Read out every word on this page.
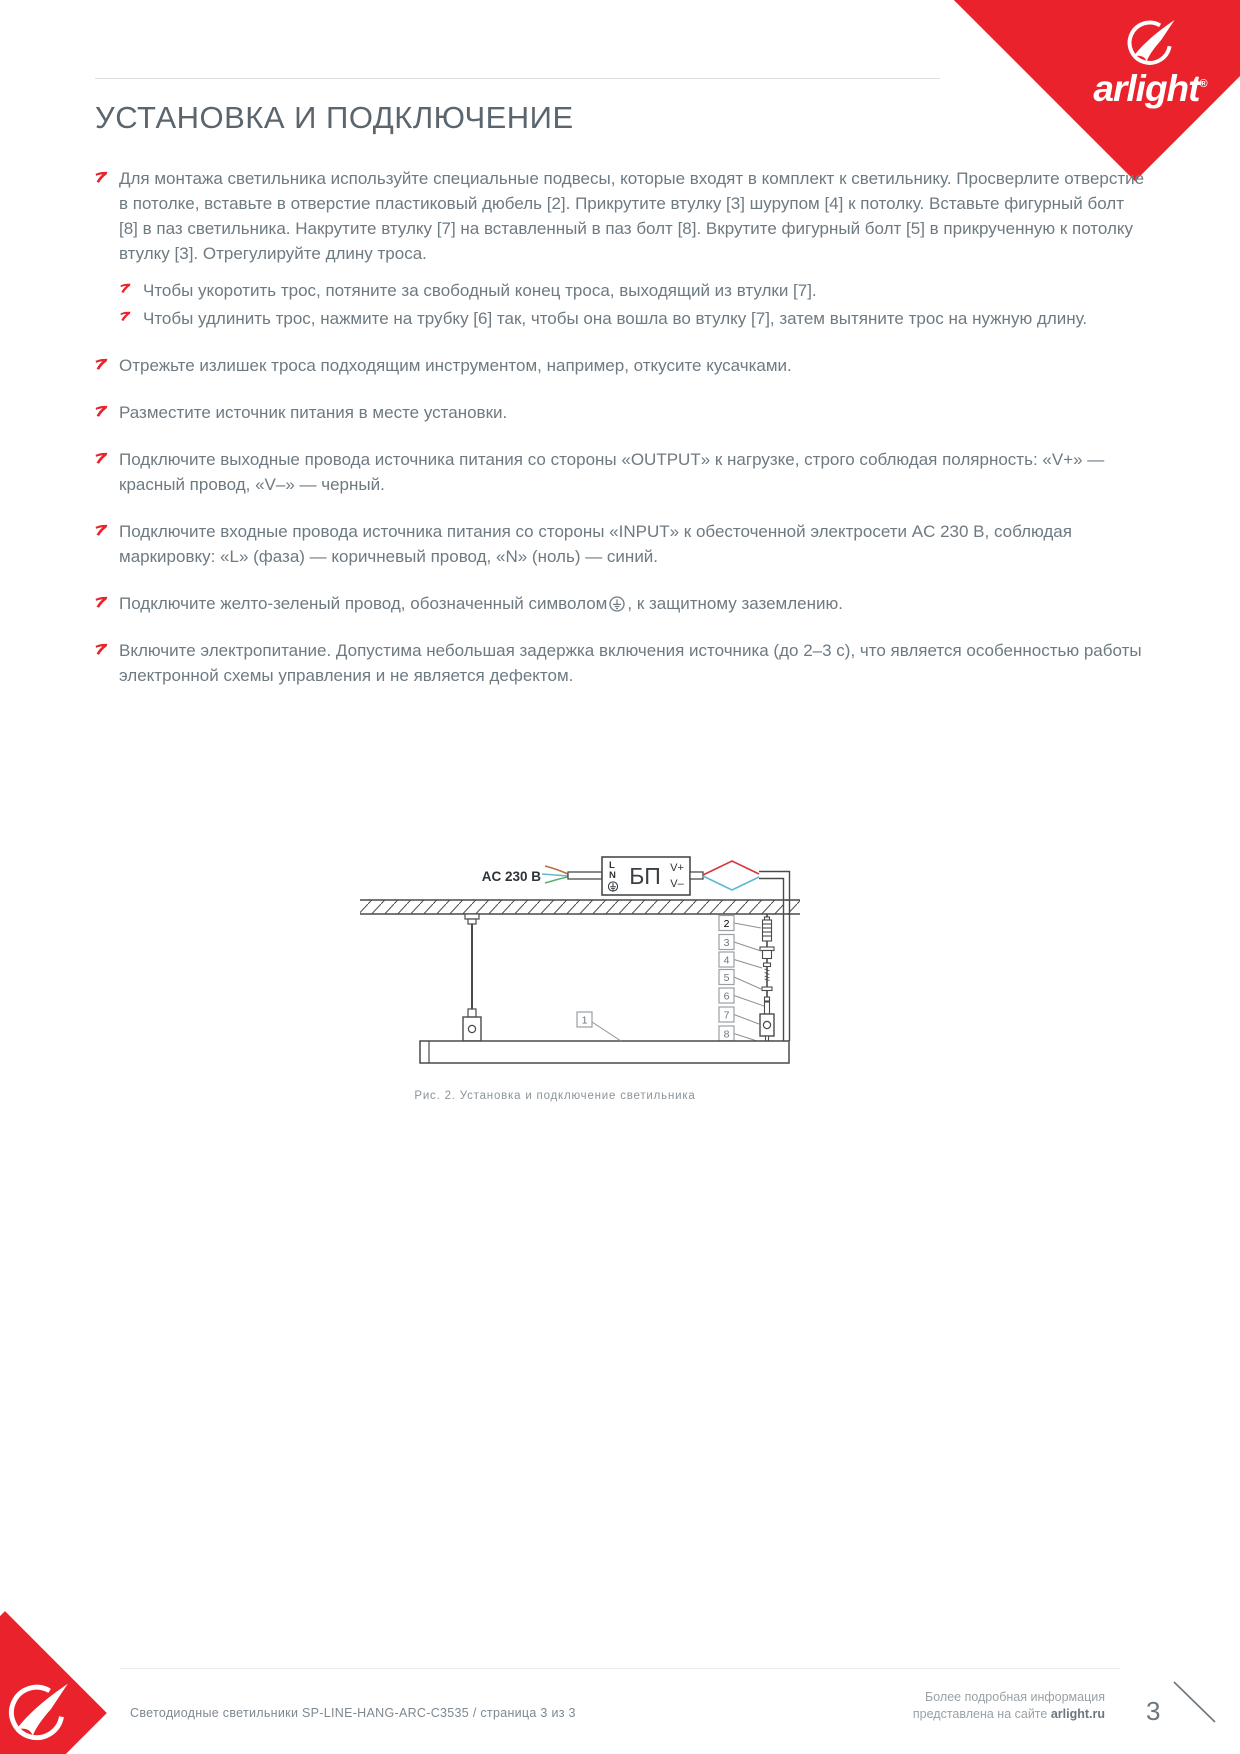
arlight®
УСТАНОВКА И ПОДКЛЮЧЕНИЕ

Для монтажа светильника используйте специальные подвесы, которые входят в комплект к светильнику. Просверлите отверстие в потолке, вставьте в отверстие пластиковый дюбель [2]. Прикрутите втулку [3] шурупом [4] к потолку. Вставьте фигурный болт [8] в паз светильника. Накрутите втулку [7] на вставленный в паз болт [8]. Вкрутите фигурный болт [5] в прикрученную к потолку втулку [3]. Отрегулируйте длину троса.

Чтобы укоротить трос, потяните за свободный конец троса, выходящий из втулки [7].

Чтобы удлинить трос, нажмите на трубку [6] так, чтобы она вошла во втулку [7], затем вытяните трос на нужную длину.

Отрежьте излишек троса подходящим инструментом, например, откусите кусачками.

Разместите источник питания в месте установки.

Подключите выходные провода источника питания со стороны «OUTPUT» к нагрузке, строго соблюдая полярность: «V+» — красный провод, «V–» — черный.

Подключите входные провода источника питания со стороны «INPUT» к обесточенной электросети AC 230 В, соблюдая маркировку: «L» (фаза) — коричневый провод, «N» (ноль) — синий.

Подключите желто-зеленый провод, обозначенный символом , к защитному заземлению.

Включите электропитание. Допустима небольшая задержка включения источника (до 2–3 с), что является особенностью работы электронной схемы управления и не является дефектом.

AC 230 В
L
N БП V+
V–
2
3
4
5
6
7
8
1
Рис. 2. Установка и подключение светильника
Светодиодные светильники SP-LINE-HANG-ARC-C3535 / страница 3 из 3
Более подробная информация
представлена на сайте arlight.ru 3
